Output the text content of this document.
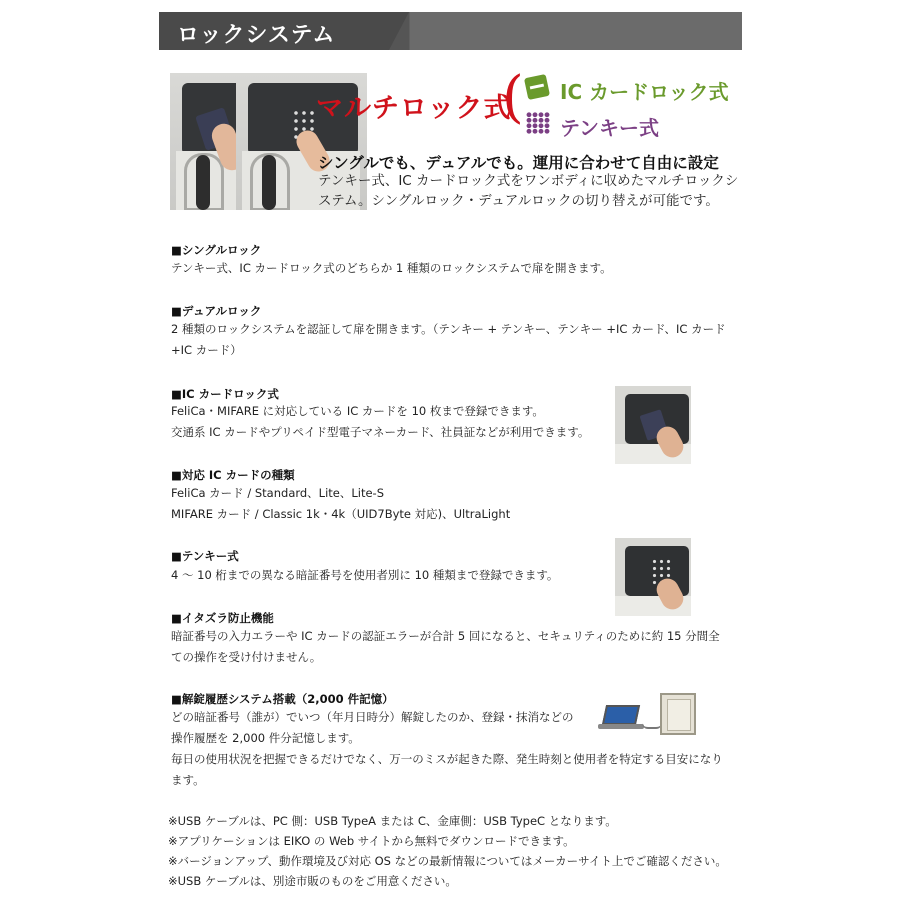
ロックシステム
マルチロック式
( IC カードロック式
テンキー式
シングルでも、デュアルでも。運用に合わせて自由に設定
テンキー式、IC カードロック式をワンボディに収めたマルチロックシステム。シングルロック・デュアルロックの切り替えが可能です。
■シングルロック
テンキー式、IC カードロック式のどちらか 1 種類のロックシステムで扉を開きます。
■デュアルロック
2 種類のロックシステムを認証して扉を開きます。（テンキー + テンキー、テンキー +IC カード、IC カード
+IC カード）
■IC カードロック式
FeliCa・MIFARE に対応している IC カードを 10 枚まで登録できます。
交通系 IC カードやプリペイド型電子マネーカード、社員証などが利用できます。
■対応 IC カードの種類
FeliCa カード / Standard、Lite、Lite-S
MIFARE カード / Classic 1k・4k（UID7Byte 対応)、UltraLight
■テンキー式
4 〜 10 桁までの異なる暗証番号を使用者別に 10 種類まで登録できます。
■イタズラ防止機能
暗証番号の入力エラーや IC カードの認証エラーが合計 5 回になると、セキュリティのために約 15 分間全
ての操作を受け付けません。
■解錠履歴システム搭載（2,000 件記憶）
どの暗証番号（誰が）でいつ（年月日時分）解錠したのか、登録・抹消などの
操作履歴を 2,000 件分記憶します。
毎日の使用状況を把握できるだけでなく、万一のミスが起きた際、発生時刻と使用者を特定する目安になり
ます。
※USB ケーブルは、PC 側：USB TypeA または C、金庫側：USB TypeC となります。
※アプリケーションは EIKO の Web サイトから無料でダウンロードできます。
※バージョンアップ、動作環境及び対応 OS などの最新情報についてはメーカーサイト上でご確認ください。
※USB ケーブルは、別途市販のものをご用意ください。
